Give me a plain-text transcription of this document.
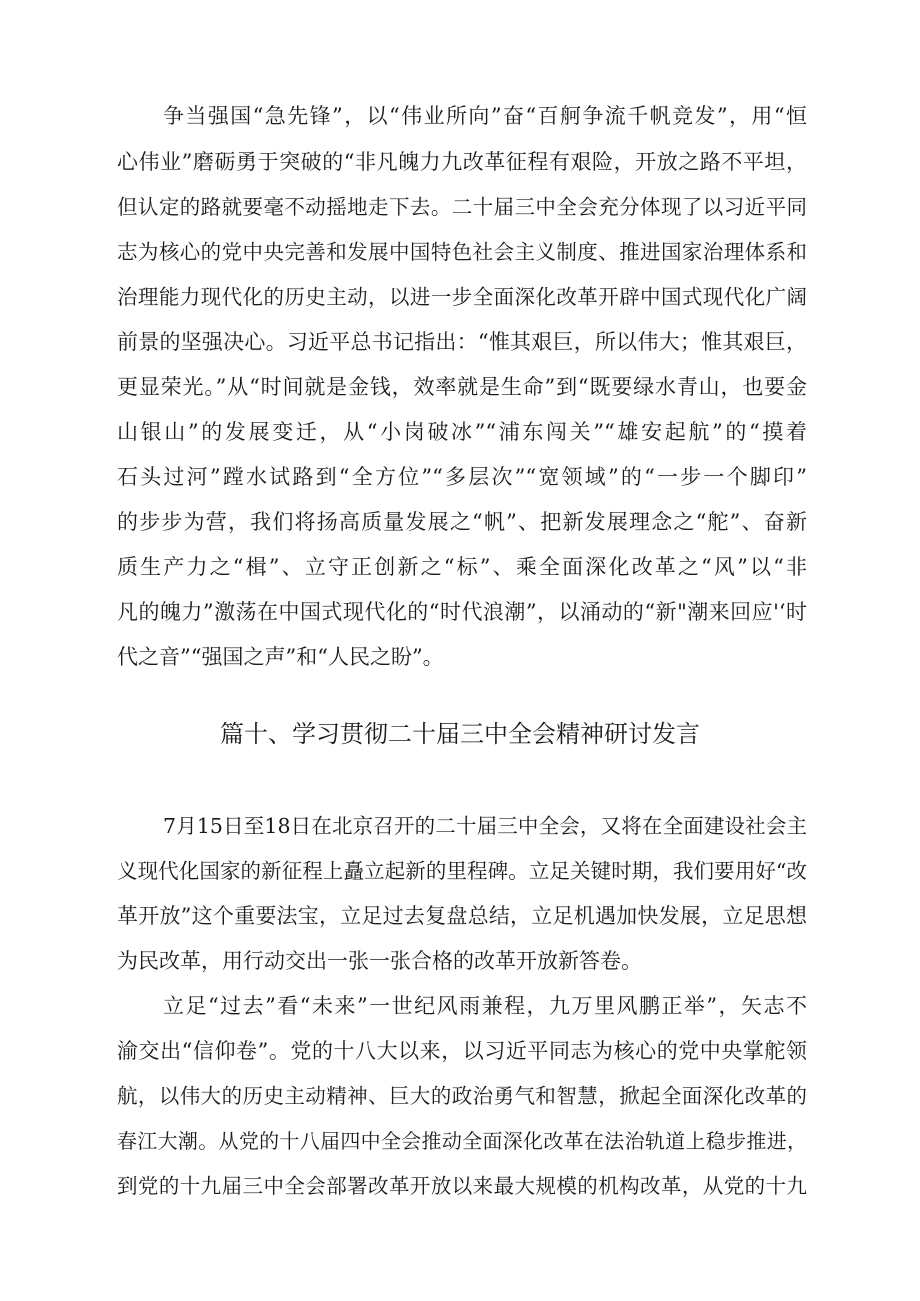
争当强国“急先锋”，以“伟业所向”奋“百舸争流千帆竞发”，用“恒
心伟业”磨砺勇于突破的“非凡魄力九改革征程有艰险，开放之路不平坦，
但认定的路就要毫不动摇地走下去。二十届三中全会充分体现了以习近平同
志为核心的党中央完善和发展中国特色社会主义制度、推进国家治理体系和
治理能力现代化的历史主动，以进一步全面深化改革开辟中国式现代化广阔
前景的坚强决心。习近平总书记指出：“惟其艰巨，所以伟大；惟其艰巨，
更显荣光。”从“时间就是金钱，效率就是生命”到“既要绿水青山，也要金
山银山”的发展变迁，从“小岗破冰”“浦东闯关”“雄安起航”的“摸着
石头过河”蹚水试路到“全方位”“多层次”“宽领域”的“一步一个脚印”
的步步为营，我们将扬高质量发展之“帆”、把新发展理念之“舵”、奋新
质生产力之“楫”、立守正创新之“标”、乘全面深化改革之“风”以“非
凡的魄力”激荡在中国式现代化的“时代浪潮”，以涌动的“新"潮来回应'‘时
代之音”“强国之声”和“人民之盼”。
篇十、学习贯彻二十届三中全会精神研讨发言
7月15日至18日在北京召开的二十届三中全会，又将在全面建设社会主
义现代化国家的新征程上矗立起新的里程碑。立足关键时期，我们要用好“改
革开放”这个重要法宝，立足过去复盘总结，立足机遇加快发展，立足思想
为民改革，用行动交出一张一张合格的改革开放新答卷。
立足“过去”看“未来”一世纪风雨兼程，九万里风鹏正举”，矢志不
渝交出“信仰卷”。党的十八大以来，以习近平同志为核心的党中央掌舵领
航，以伟大的历史主动精神、巨大的政治勇气和智慧，掀起全面深化改革的
春江大潮。从党的十八届四中全会推动全面深化改革在法治轨道上稳步推进，
到党的十九届三中全会部署改革开放以来最大规模的机构改革，从党的十九
